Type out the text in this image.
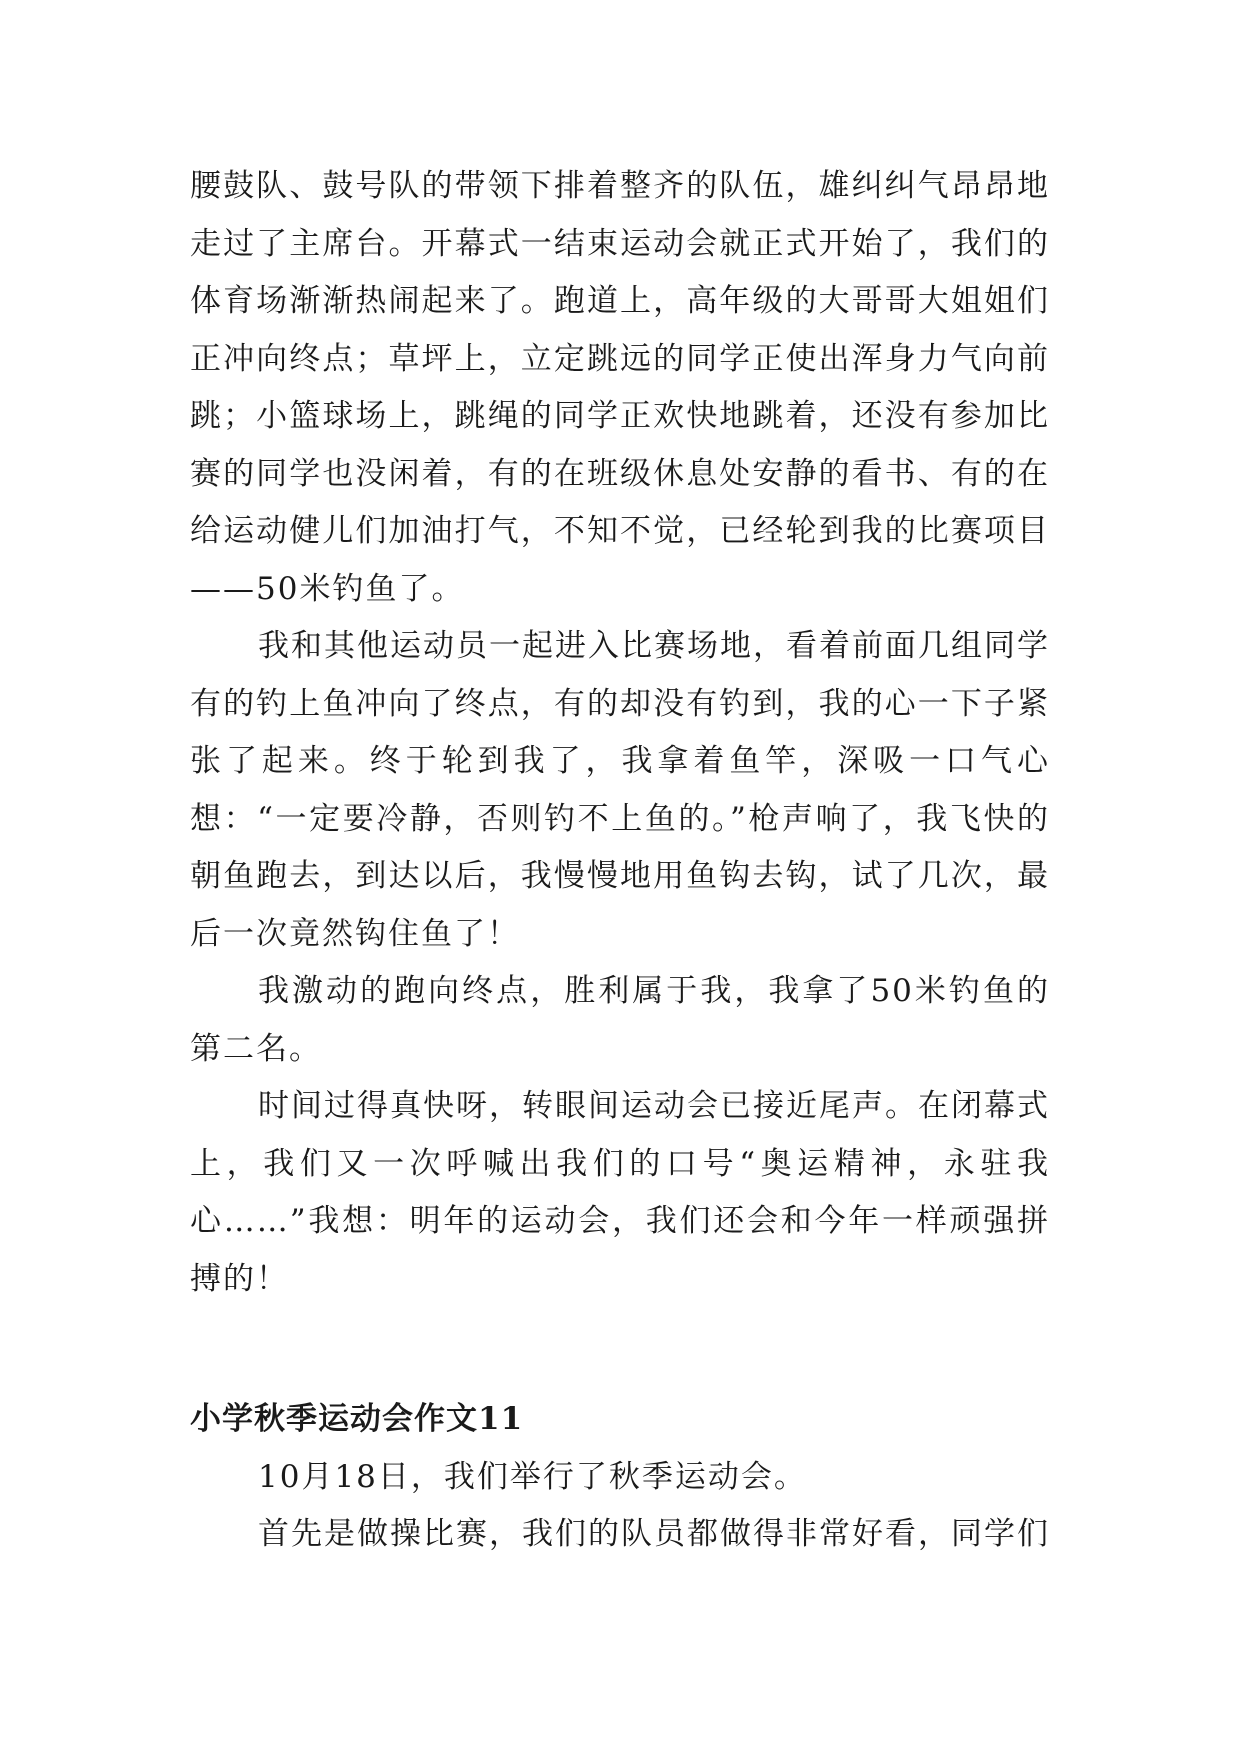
腰鼓队、鼓号队的带领下排着整齐的队伍，雄纠纠气昂昂地走过了主席台。开幕式一结束运动会就正式开始了，我们的体育场渐渐热闹起来了。跑道上，高年级的大哥哥大姐姐们正冲向终点；草坪上，立定跳远的同学正使出浑身力气向前跳；小篮球场上，跳绳的同学正欢快地跳着，还没有参加比赛的同学也没闲着，有的在班级休息处安静的看书、有的在给运动健儿们加油打气，不知不觉，已经轮到我的比赛项目——50米钓鱼了。

我和其他运动员一起进入比赛场地，看着前面几组同学有的钓上鱼冲向了终点，有的却没有钓到，我的心一下子紧张了起来。终于轮到我了，我拿着鱼竿，深吸一口气心想：“一定要冷静，否则钓不上鱼的。”枪声响了，我飞快的朝鱼跑去，到达以后，我慢慢地用鱼钩去钩，试了几次，最后一次竟然钩住鱼了！

我激动的跑向终点，胜利属于我，我拿了50米钓鱼的第二名。

时间过得真快呀，转眼间运动会已接近尾声。在闭幕式上，我们又一次呼喊出我们的口号“奥运精神，永驻我心……”我想：明年的运动会，我们还会和今年一样顽强拼搏的！

小学秋季运动会作文11

10月18日，我们举行了秋季运动会。

首先是做操比赛，我们的队员都做得非常好看，同学们
